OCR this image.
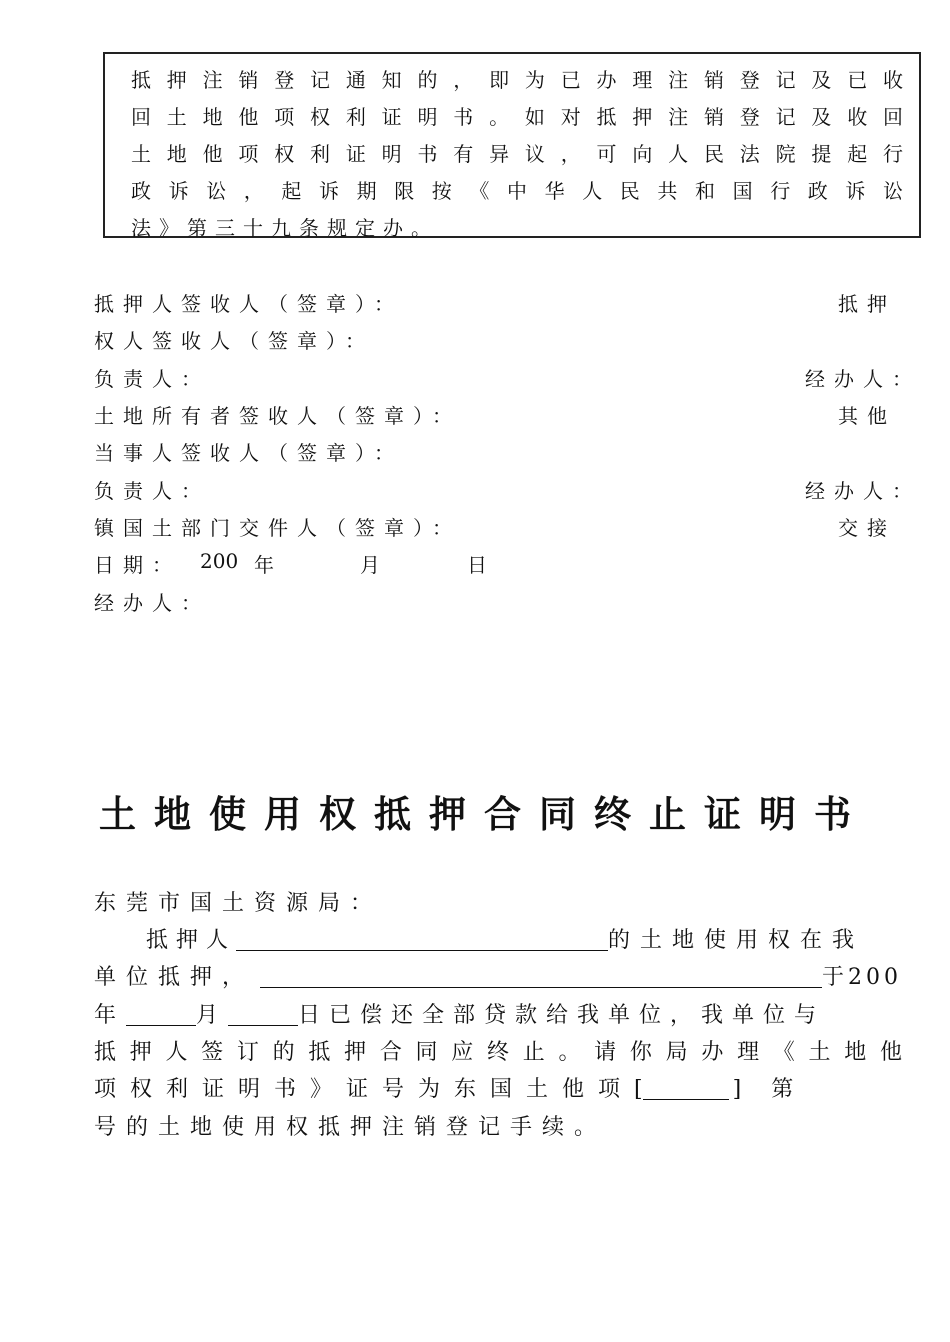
抵押注销登记通知的，即为已办理注销登记及已收
回土地他项权利证明书。如对抵押注销登记及收回
土地他项权利证明书有异议，可向人民法院提起行
政诉讼，起诉期限按《中华人民共和国行政诉讼
法》第三十九条规定办。
抵押人签收人（签章）：	抵押
权人签收人（签章）：
负责人：	经办人：
土地所有者签收人（签章）：	其他
当事人签收人（签章）：
负责人：	经办人：
镇国土部门交件人（签章）：	交接
日期： 200 年	月	日
经办人：
土地使用权抵押合同终止证明书
东莞市国土资源局：
抵押人	的土地使用权在我
单位抵押，	于200
年	月	日已偿还全部贷款给我单位，我单位与
抵押人签订的抵押合同应终止。请你局办理《土地他
项权利证明书》证号为东国土他项[	] 第
号的土地使用权抵押注销登记手续。
